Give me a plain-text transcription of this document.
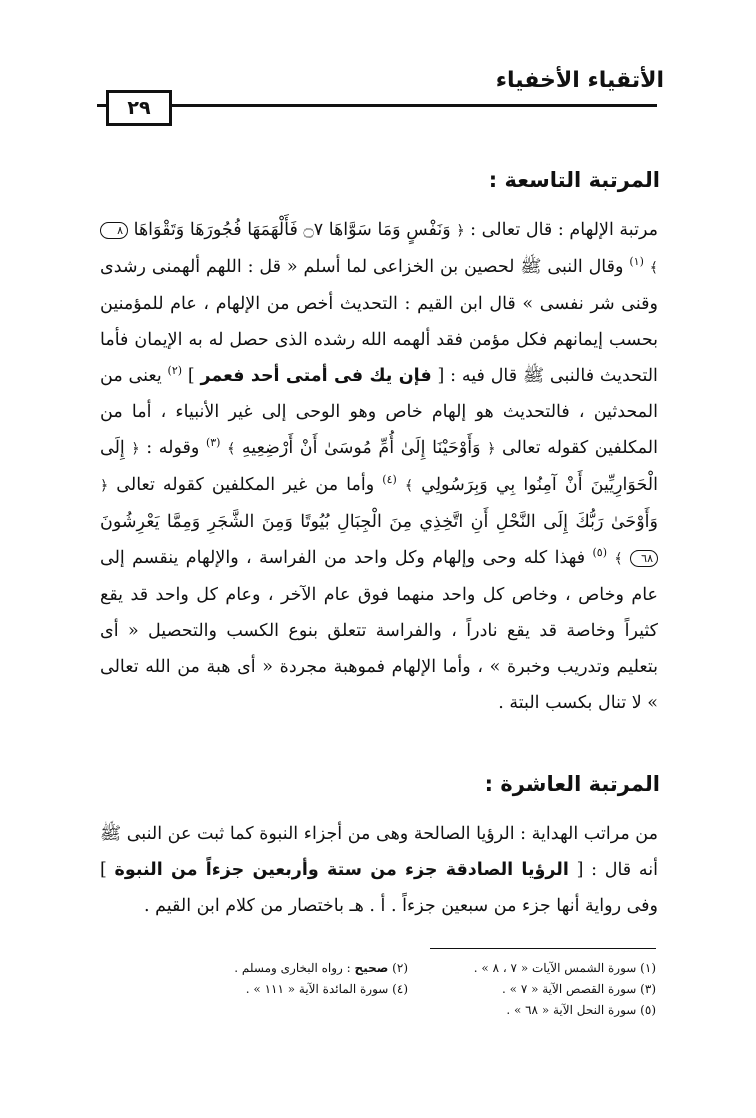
الأتقياء الأخفياء
٢٩
المرتبة التاسعة :
مرتبة الإلهام : قال تعالى : ﴿ وَنَفْسٍ وَمَا سَوَّاهَا ۝٧ فَأَلْهَمَهَا فُجُورَهَا وَتَقْوَاهَا ٨ ﴾ $^{(١)}$ وقال النبى ﷺ لحصين بن الخزاعى لما أسلم « قل : اللهم ألهمنى رشدى وقنى شر نفسى » قال ابن القيم : التحديث أخص من الإلهام ، عام للمؤمنين بحسب إيمانهم فكل مؤمن فقد ألهمه الله رشده الذى حصل له به الإيمان فأما التحديث فالنبى ﷺ قال فيه : [ فإن يك فى أمتى أحد فعمر ] $^{(٢)}$ يعنى من المحدثين ، فالتحديث هو إلهام خاص وهو الوحى إلى غير الأنبياء ، أما من المكلفين كقوله تعالى ﴿ وَأَوْحَيْنَا إِلَىٰ أُمِّ مُوسَىٰ أَنْ أَرْضِعِيهِ ﴾ $^{(٣)}$ وقوله : ﴿ إِلَى الْحَوَارِيِّينَ أَنْ آمِنُوا بِي وَبِرَسُولِي ﴾ $^{(٤)}$ وأما من غير المكلفين كقوله تعالى ﴿ وَأَوْحَىٰ رَبُّكَ إِلَى النَّحْلِ أَنِ اتَّخِذِي مِنَ الْجِبَالِ بُيُوتًا وَمِنَ الشَّجَرِ وَمِمَّا يَعْرِشُونَ ٦٨ ﴾ $^{(٥)}$ فهذا كله وحى وإلهام وكل واحد من الفراسة ، والإلهام ينقسم إلى عام وخاص ، وخاص كل واحد منهما فوق عام الآخر ، وعام كل واحد قد يقع كثيراً وخاصة قد يقع نادراً ، والفراسة تتعلق بنوع الكسب والتحصيل « أى بتعليم وتدريب وخبرة » ، وأما الإلهام فموهبة مجردة « أى هبة من الله تعالى » لا تنال بكسب البتة .
المرتبة العاشرة :
من مراتب الهداية : الرؤيا الصالحة وهى من أجزاء النبوة كما ثبت عن النبى ﷺ أنه قال : [ الرؤيا الصادقة جزء من ستة وأربعين جزءاً من النبوة ] وفى رواية أنها جزء من سبعين جزءاً . أ . هـ باختصار من كلام ابن القيم .
(١) سورة الشمس الآيات « ٧ ، ٨ » .
(٢) صحيح : رواه البخارى ومسلم .
(٣) سورة القصص الآية « ٧ » .
(٤) سورة المائدة الآية « ١١١ » .
(٥) سورة النحل الآية « ٦٨ » .
